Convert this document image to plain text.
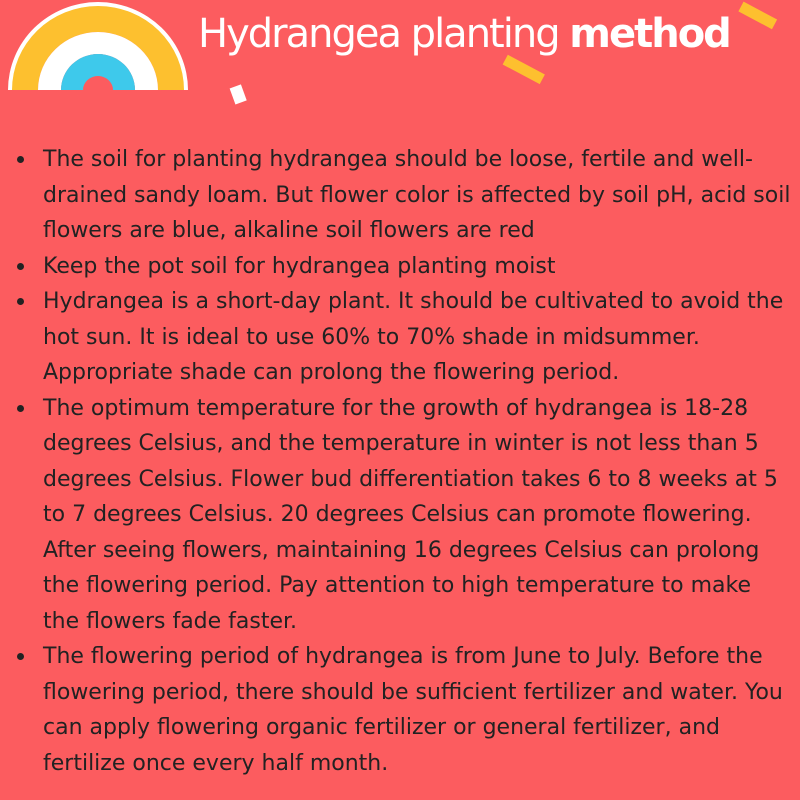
Hydrangea planting method
The soil for planting hydrangea should be loose, fertile and well-drained sandy loam. But flower color is affected by soil pH, acid soil flowers are blue, alkaline soil flowers are red
Keep the pot soil for hydrangea planting moist
Hydrangea is a short-day plant. It should be cultivated to avoid the hot sun. It is ideal to use 60% to 70% shade in midsummer. Appropriate shade can prolong the flowering period.
The optimum temperature for the growth of hydrangea is 18-28 degrees Celsius, and the temperature in winter is not less than 5 degrees Celsius. Flower bud differentiation takes 6 to 8 weeks at 5 to 7 degrees Celsius. 20 degrees Celsius can promote flowering. After seeing flowers, maintaining 16 degrees Celsius can prolong the flowering period. Pay attention to high temperature to make the flowers fade faster.
The flowering period of hydrangea is from June to July. Before the flowering period, there should be sufficient fertilizer and water. You can apply flowering organic fertilizer or general fertilizer, and fertilize once every half month.
